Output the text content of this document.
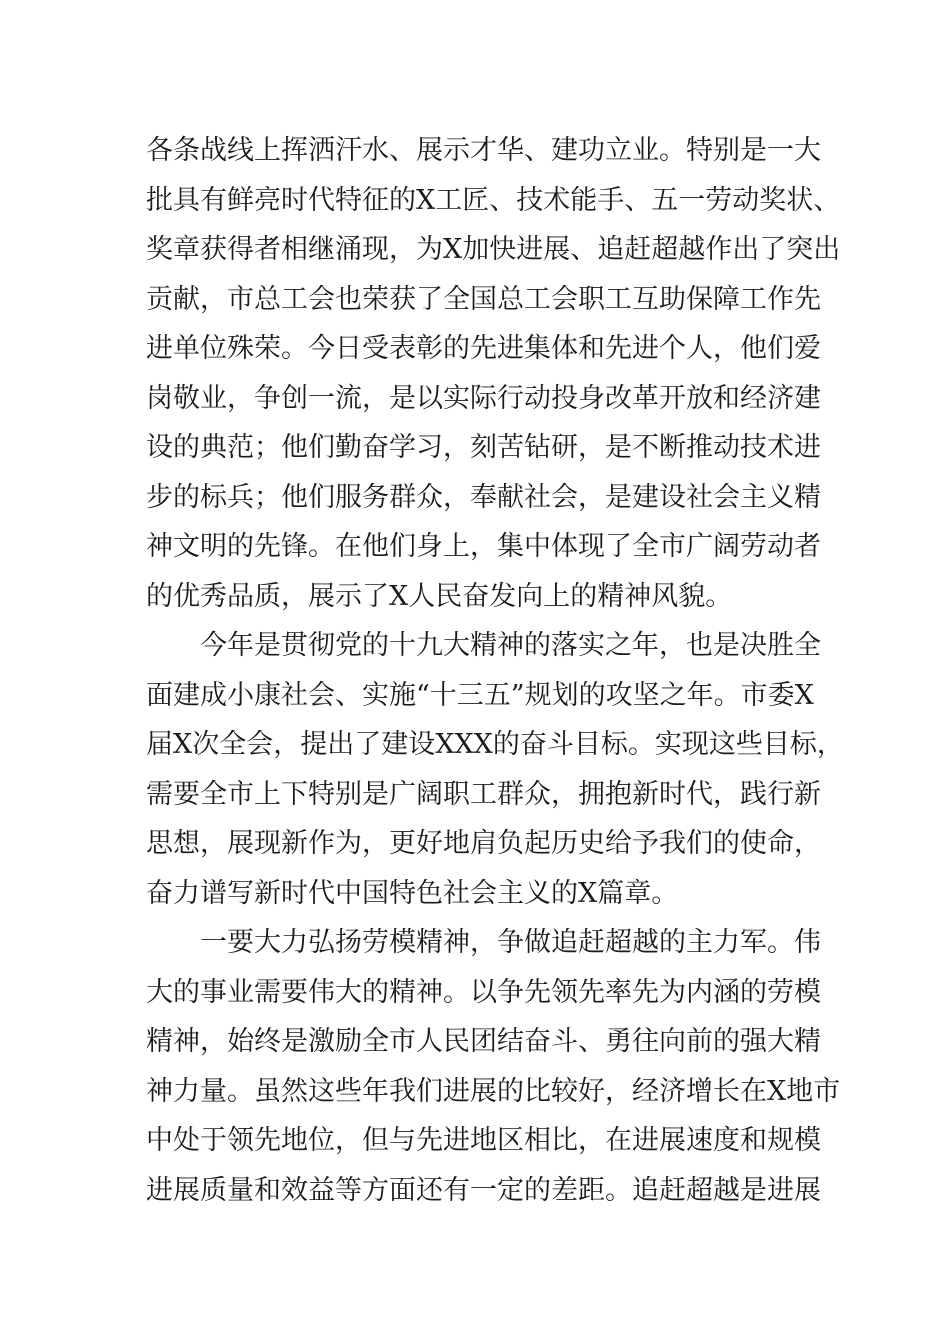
各条战线上挥洒汗水、展示才华、建功立业。特别是一大
批具有鲜亮时代特征的X工匠、技术能手、五一劳动奖状、
奖章获得者相继涌现，为X加快进展、追赶超越作出了突出
贡献，市总工会也荣获了全国总工会职工互助保障工作先
进单位殊荣。今日受表彰的先进集体和先进个人，他们爱
岗敬业，争创一流，是以实际行动投身改革开放和经济建
设的典范；他们勤奋学习，刻苦钻研，是不断推动技术进
步的标兵；他们服务群众，奉献社会，是建设社会主义精
神文明的先锋。在他们身上，集中体现了全市广阔劳动者
的优秀品质，展示了X人民奋发向上的精神风貌。
今年是贯彻党的十九大精神的落实之年，也是决胜全
面建成小康社会、实施“十三五”规划的攻坚之年。市委X
届X次全会，提出了建设XXX的奋斗目标。实现这些目标，
需要全市上下特别是广阔职工群众，拥抱新时代，践行新
思想，展现新作为，更好地肩负起历史给予我们的使命，
奋力谱写新时代中国特色社会主义的X篇章。
一要大力弘扬劳模精神，争做追赶超越的主力军。伟
大的事业需要伟大的精神。以争先领先率先为内涵的劳模
精神，始终是激励全市人民团结奋斗、勇往向前的强大精
神力量。虽然这些年我们进展的比较好，经济增长在X地市
中处于领先地位，但与先进地区相比，在进展速度和规模
进展质量和效益等方面还有一定的差距。追赶超越是进展
